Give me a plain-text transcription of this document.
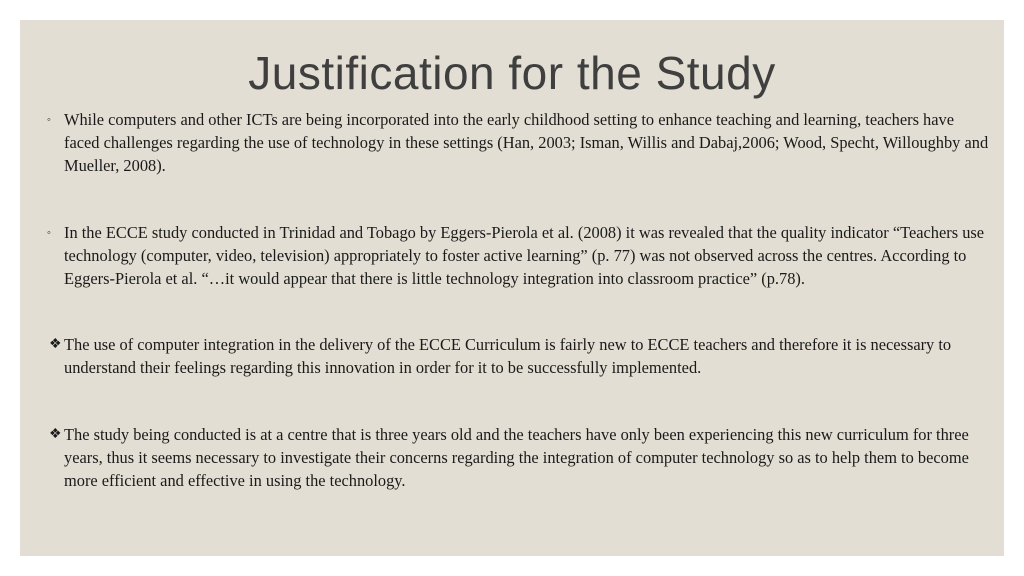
Justification for the Study
◦ While computers and other ICTs are being incorporated into the early childhood setting to enhance teaching and learning, teachers have faced challenges regarding the use of technology in these settings (Han, 2003; Isman, Willis and Dabaj,2006; Wood, Specht, Willoughby and Mueller, 2008).
◦ In the ECCE study conducted in Trinidad and Tobago by Eggers-Pierola et al. (2008) it was revealed that the quality indicator “Teachers use technology (computer, video, television) appropriately to foster active learning” (p. 77) was not observed across the centres. According to Eggers-Pierola et al. “…it would appear that there is little technology integration into classroom practice” (p.78).
❖ The use of computer integration in the delivery of the ECCE Curriculum is fairly new to ECCE teachers and therefore it is necessary to understand their feelings regarding this innovation in order for it to be successfully implemented.
❖ The study being conducted is at a centre that is three years old and the teachers have only been experiencing this new curriculum for three years, thus it seems necessary to investigate their concerns regarding the integration of computer technology so as to help them to become more efficient and effective in using the technology.
